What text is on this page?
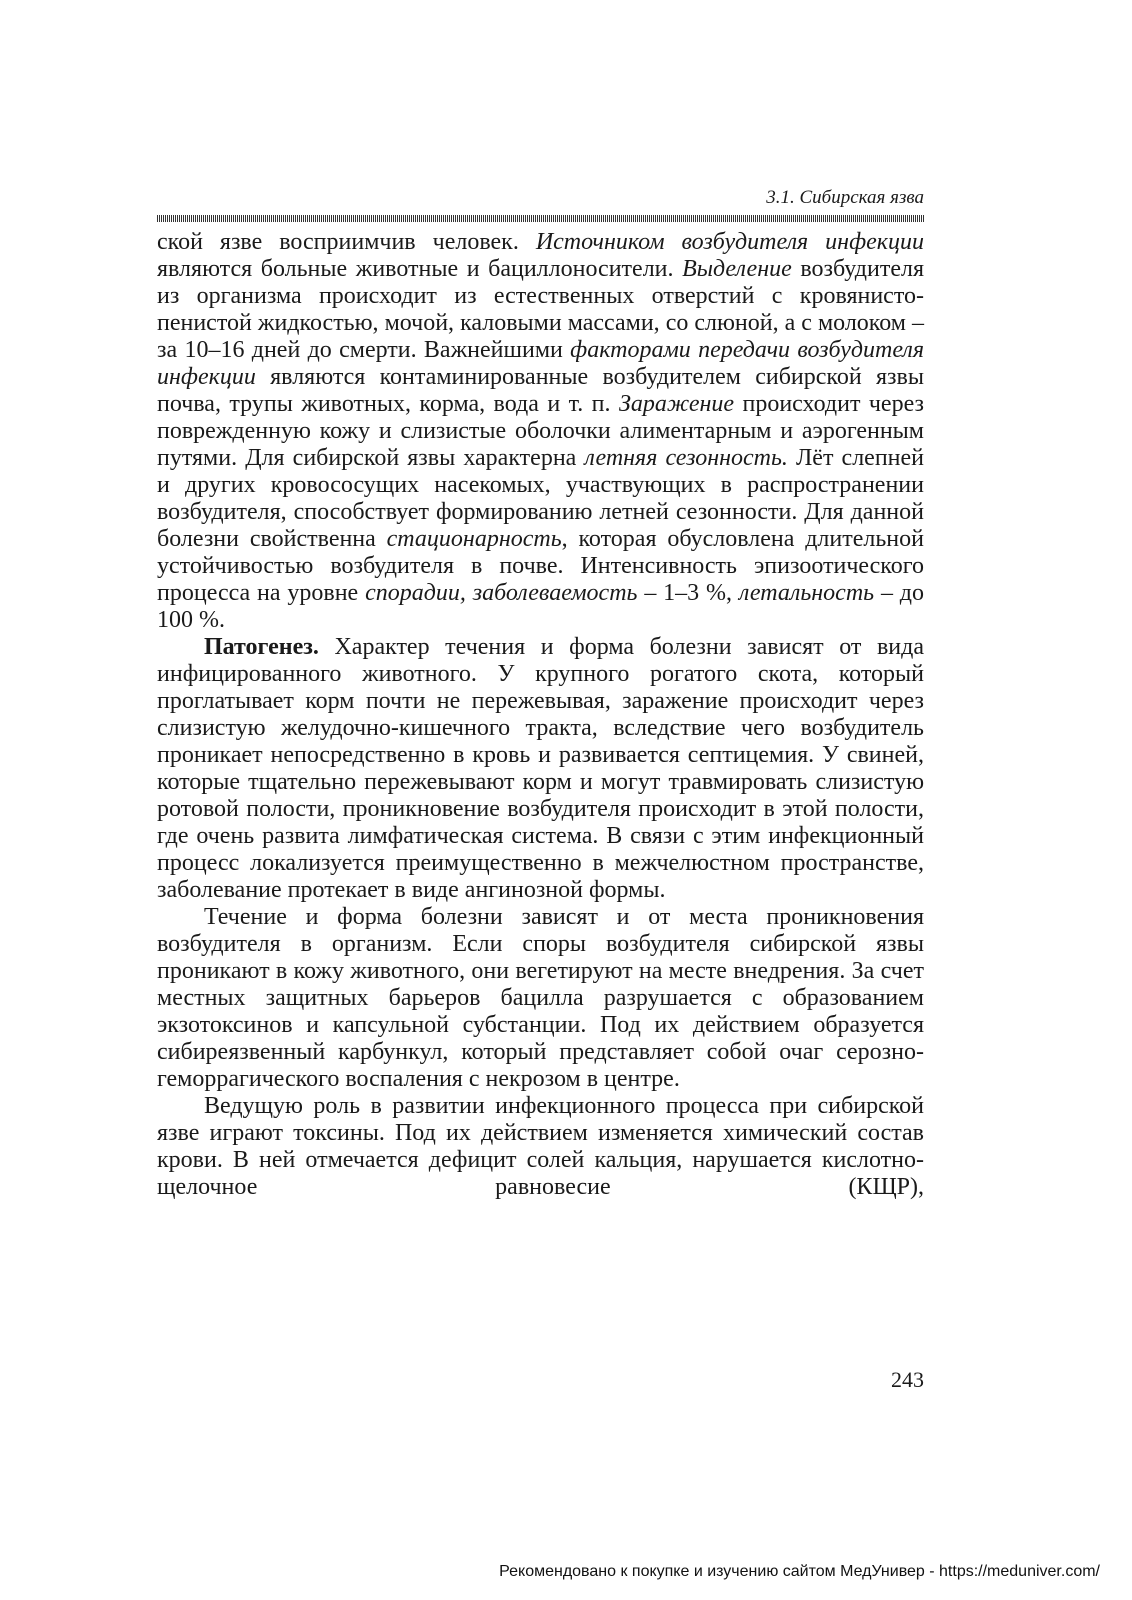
3.1. Сибирская язва

ской язве восприимчив человек. Источником возбудителя инфекции являются больные животные и бациллоносители. Выделение возбудителя из организма происходит из естественных отверстий с кровянисто-пенистой жидкостью, мочой, каловыми массами, со слюной, а с молоком – за 10–16 дней до смерти. Важнейшими факторами передачи возбудителя инфекции являются контаминированные возбудителем сибирской язвы почва, трупы животных, корма, вода и т. п. Заражение происходит через поврежденную кожу и слизистые оболочки алиментарным и аэрогенным путями. Для сибирской язвы характерна летняя сезонность. Лёт слепней и других кровососущих насекомых, участвующих в распространении возбудителя, способствует формированию летней сезонности. Для данной болезни свойственна стационарность, которая обусловлена длительной устойчивостью возбудителя в почве. Интенсивность эпизоотического процесса на уровне спорадии, заболеваемость – 1–3 %, летальность – до 100 %.

Патогенез. Характер течения и форма болезни зависят от вида инфицированного животного. У крупного рогатого скота, который проглатывает корм почти не пережевывая, заражение происходит через слизистую желудочно-кишечного тракта, вследствие чего возбудитель проникает непосредственно в кровь и развивается септицемия. У свиней, которые тщательно пережевывают корм и могут травмировать слизистую ротовой полости, проникновение возбудителя происходит в этой полости, где очень развита лимфатическая система. В связи с этим инфекционный процесс локализуется преимущественно в межчелюстном пространстве, заболевание протекает в виде ангинозной формы.

Течение и форма болезни зависят и от места проникновения возбудителя в организм. Если споры возбудителя сибирской язвы проникают в кожу животного, они вегетируют на месте внедрения. За счет местных защитных барьеров бацилла разрушается с образованием экзотоксинов и капсульной субстанции. Под их действием образуется сибиреязвенный карбункул, который представляет собой очаг серозно-геморрагического воспаления с некрозом в центре.

Ведущую роль в развитии инфекционного процесса при сибирской язве играют токсины. Под их действием изменяется химический состав крови. В ней отмечается дефицит солей кальция, нарушается кислотно-щелочное равновесие (КЩР),

243
Рекомендовано к покупке и изучению сайтом МедУнивер - https://meduniver.com/
